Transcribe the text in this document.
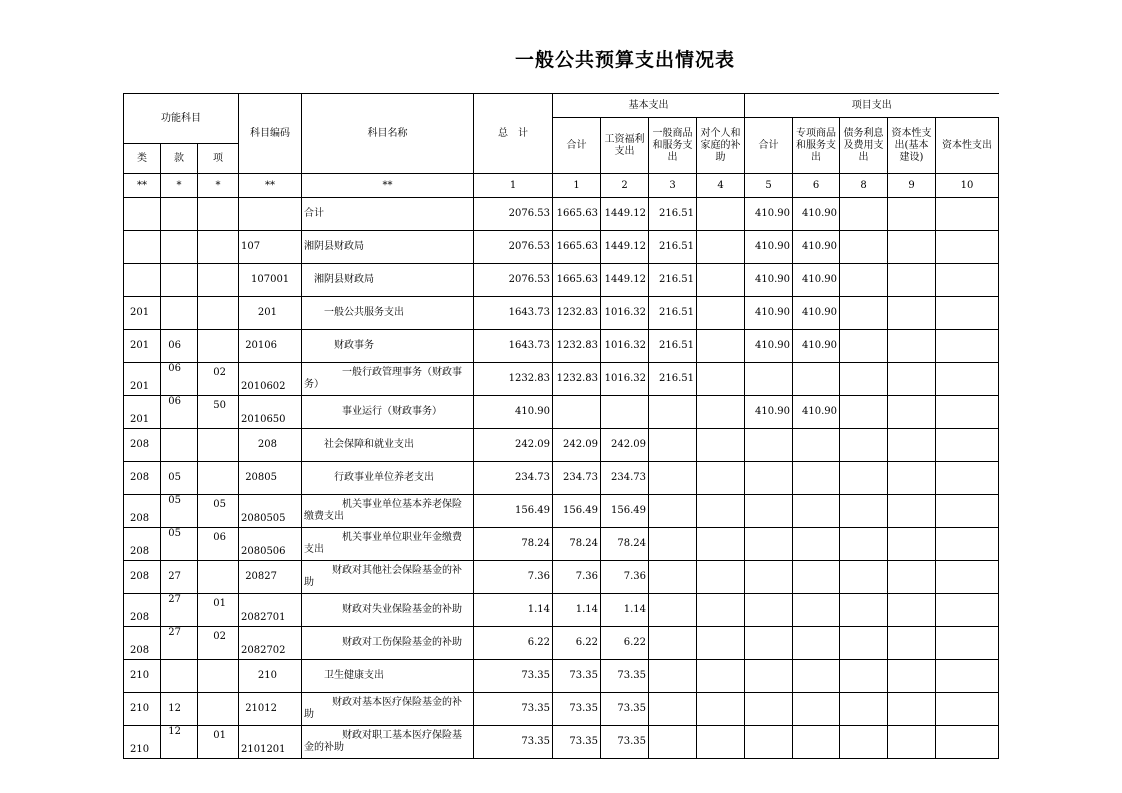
一般公共预算支出情况表
功能科目			科目编码	科目名称	总　计	基本支出				项目支出				
						合计	工资福利支出	一般商品和服务支出	对个人和家庭的补助	合计	专项商品和服务支出	债务利息及费用支出	资本性支出(基本建设)	资本性支出
类	款	项												
**	*	*	**	**	1	1	2	3	4	5	6	8	9	10
				合计	2076.53	1665.63	1449.12	216.51		410.90	410.90			
			107	湘阴县财政局	2076.53	1665.63	1449.12	216.51		410.90	410.90			
			107001	湘阴县财政局	2076.53	1665.63	1449.12	216.51		410.90	410.90			
201			201	一般公共服务支出	1643.73	1232.83	1016.32	216.51		410.90	410.90			
201	06		20106	财政事务	1643.73	1232.83	1016.32	216.51		410.90	410.90			
201	06	02	2010602	一般行政管理事务（财政事务）	1232.83	1232.83	1016.32	216.51						
201	06	50	2010650	事业运行（财政事务）	410.90					410.90	410.90			
208			208	社会保障和就业支出	242.09	242.09	242.09							
208	05		20805	行政事业单位养老支出	234.73	234.73	234.73							
208	05	05	2080505	机关事业单位基本养老保险缴费支出	156.49	156.49	156.49							
208	05	06	2080506	机关事业单位职业年金缴费支出	78.24	78.24	78.24							
208	27		20827	财政对其他社会保险基金的补助	7.36	7.36	7.36							
208	27	01	2082701	财政对失业保险基金的补助	1.14	1.14	1.14							
208	27	02	2082702	财政对工伤保险基金的补助	6.22	6.22	6.22							
210			210	卫生健康支出	73.35	73.35	73.35							
210	12		21012	财政对基本医疗保险基金的补助	73.35	73.35	73.35							
210	12	01	2101201	财政对职工基本医疗保险基金的补助	73.35	73.35	73.35							
